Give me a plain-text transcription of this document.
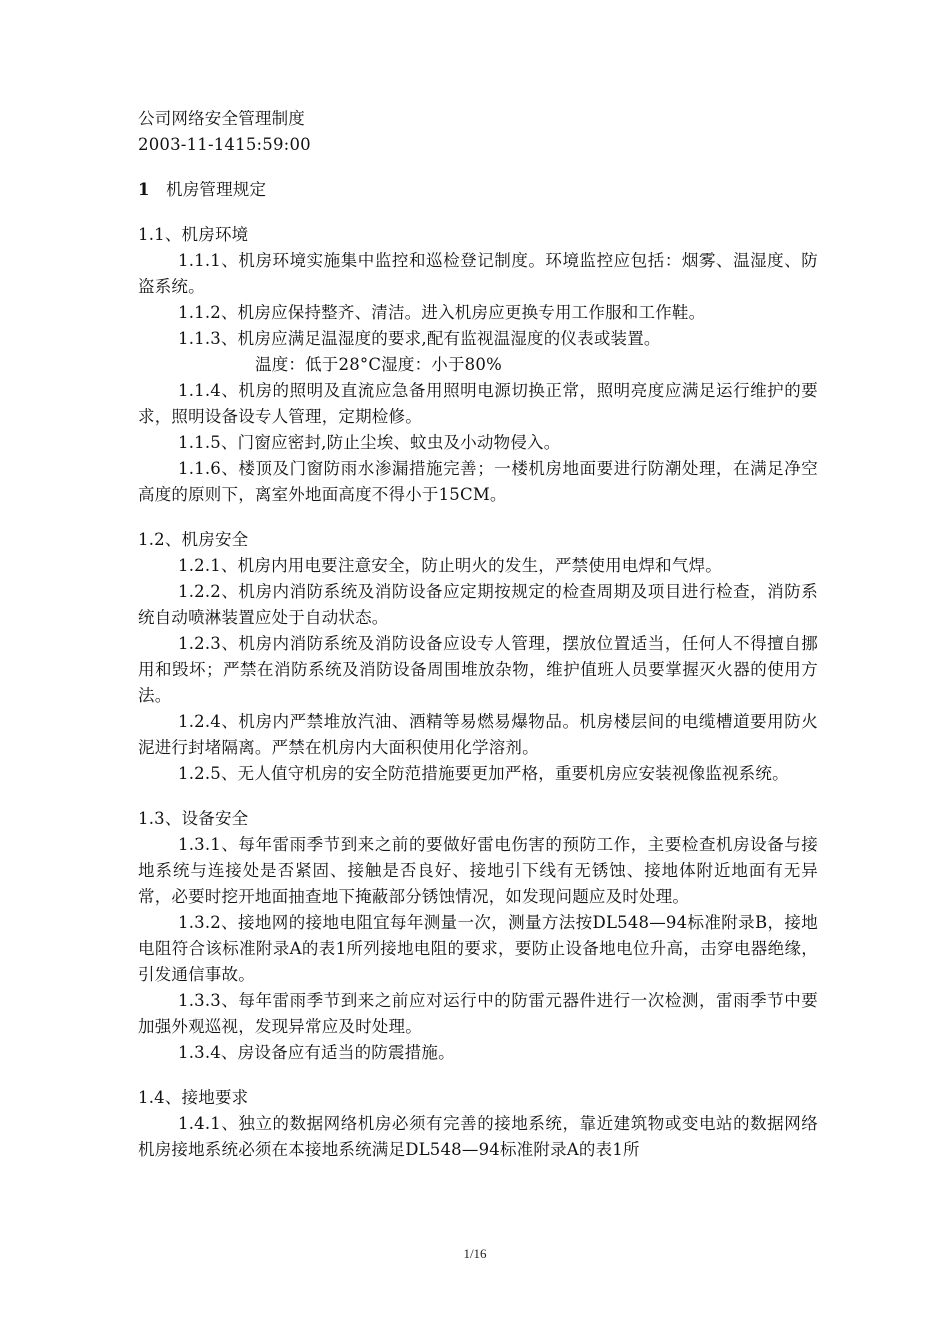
公司网络安全管理制度
2003-11-1415:59:00
1 机房管理规定
1.1、机房环境
1.1.1、机房环境实施集中监控和巡检登记制度。环境监控应包括：烟雾、温湿度、防盗系统。
1.1.2、机房应保持整齐、清洁。进入机房应更换专用工作服和工作鞋。
1.1.3、机房应满足温湿度的要求,配有监视温湿度的仪表或装置。
温度：低于28°C湿度：小于80%
1.1.4、机房的照明及直流应急备用照明电源切换正常，照明亮度应满足运行维护的要求，照明设备设专人管理，定期检修。
1.1.5、门窗应密封,防止尘埃、蚊虫及小动物侵入。
1.1.6、楼顶及门窗防雨水渗漏措施完善；一楼机房地面要进行防潮处理，在满足净空高度的原则下，离室外地面高度不得小于15CM。
1.2、机房安全
1.2.1、机房内用电要注意安全，防止明火的发生，严禁使用电焊和气焊。
1.2.2、机房内消防系统及消防设备应定期按规定的检查周期及项目进行检查，消防系统自动喷淋装置应处于自动状态。
1.2.3、机房内消防系统及消防设备应设专人管理，摆放位置适当，任何人不得擅自挪用和毁坏；严禁在消防系统及消防设备周围堆放杂物，维护值班人员要掌握灭火器的使用方法。
1.2.4、机房内严禁堆放汽油、酒精等易燃易爆物品。机房楼层间的电缆槽道要用防火泥进行封堵隔离。严禁在机房内大面积使用化学溶剂。
1.2.5、无人值守机房的安全防范措施要更加严格，重要机房应安装视像监视系统。
1.3、设备安全
1.3.1、每年雷雨季节到来之前的要做好雷电伤害的预防工作，主要检查机房设备与接地系统与连接处是否紧固、接触是否良好、接地引下线有无锈蚀、接地体附近地面有无异常，必要时挖开地面抽查地下掩蔽部分锈蚀情况，如发现问题应及时处理。
1.3.2、接地网的接地电阻宜每年测量一次，测量方法按DL548—94标准附录B，接地电阻符合该标准附录A的表1所列接地电阻的要求，要防止设备地电位升高，击穿电器绝缘，引发通信事故。
1.3.3、每年雷雨季节到来之前应对运行中的防雷元器件进行一次检测，雷雨季节中要加强外观巡视，发现异常应及时处理。
1.3.4、房设备应有适当的防震措施。
1.4、接地要求
1.4.1、独立的数据网络机房必须有完善的接地系统，靠近建筑物或变电站的数据网络机房接地系统必须在本接地系统满足DL548—94标准附录A的表1所
1/16
